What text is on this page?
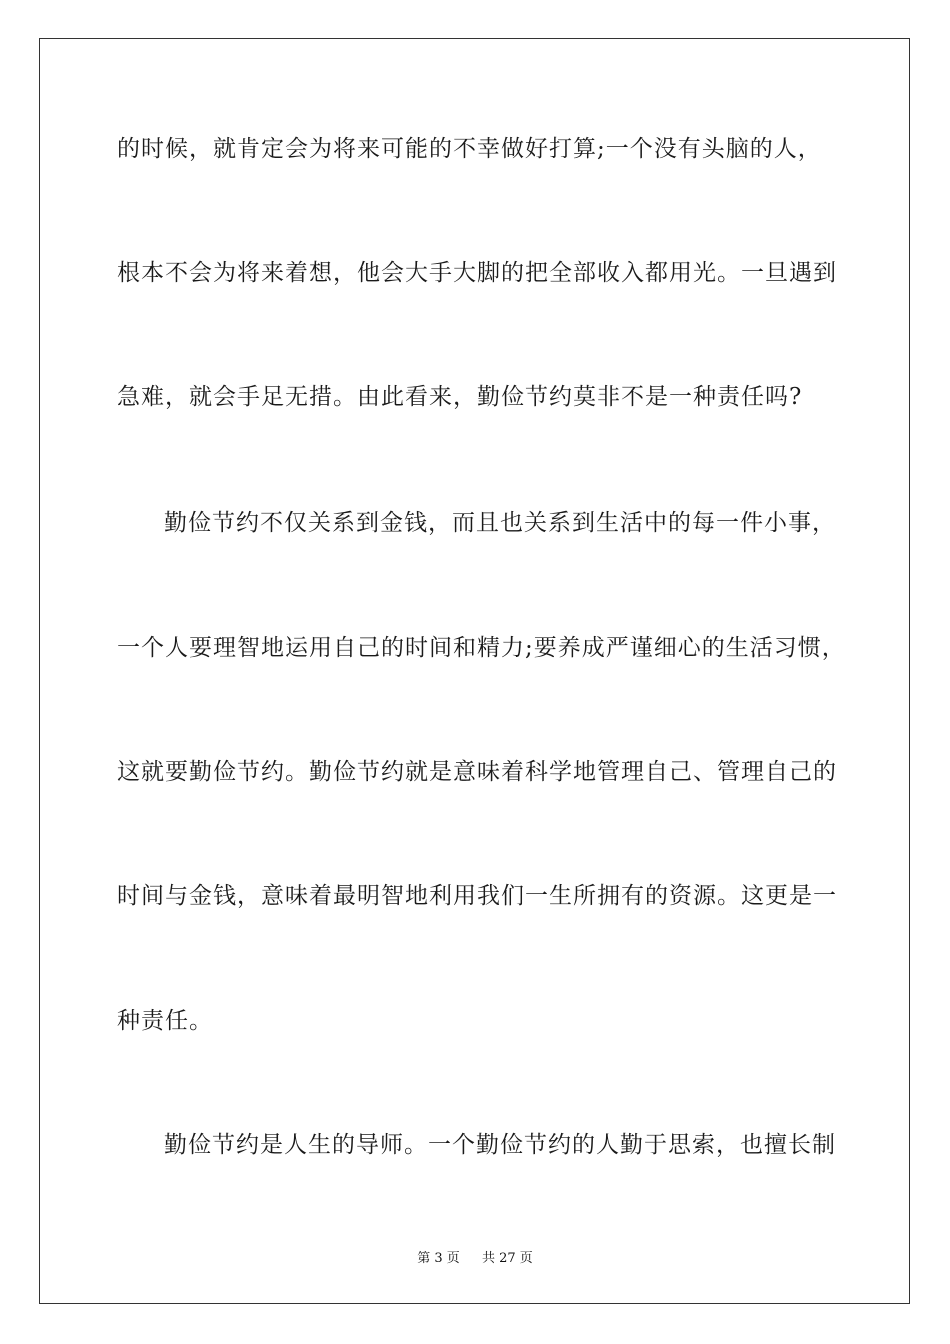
的时候，就肯定会为将来可能的不幸做好打算;一个没有头脑的人，

根本不会为将来着想，他会大手大脚的把全部收入都用光。一旦遇到

急难，就会手足无措。由此看来，勤俭节约莫非不是一种责任吗?

勤俭节约不仅关系到金钱，而且也关系到生活中的每一件小事，

一个人要理智地运用自己的时间和精力;要养成严谨细心的生活习惯，

这就要勤俭节约。勤俭节约就是意味着科学地管理自己、管理自己的

时间与金钱，意味着最明智地利用我们一生所拥有的资源。这更是一

种责任。

勤俭节约是人生的导师。一个勤俭节约的人勤于思索，也擅长制

第 3 页 共 27 页
